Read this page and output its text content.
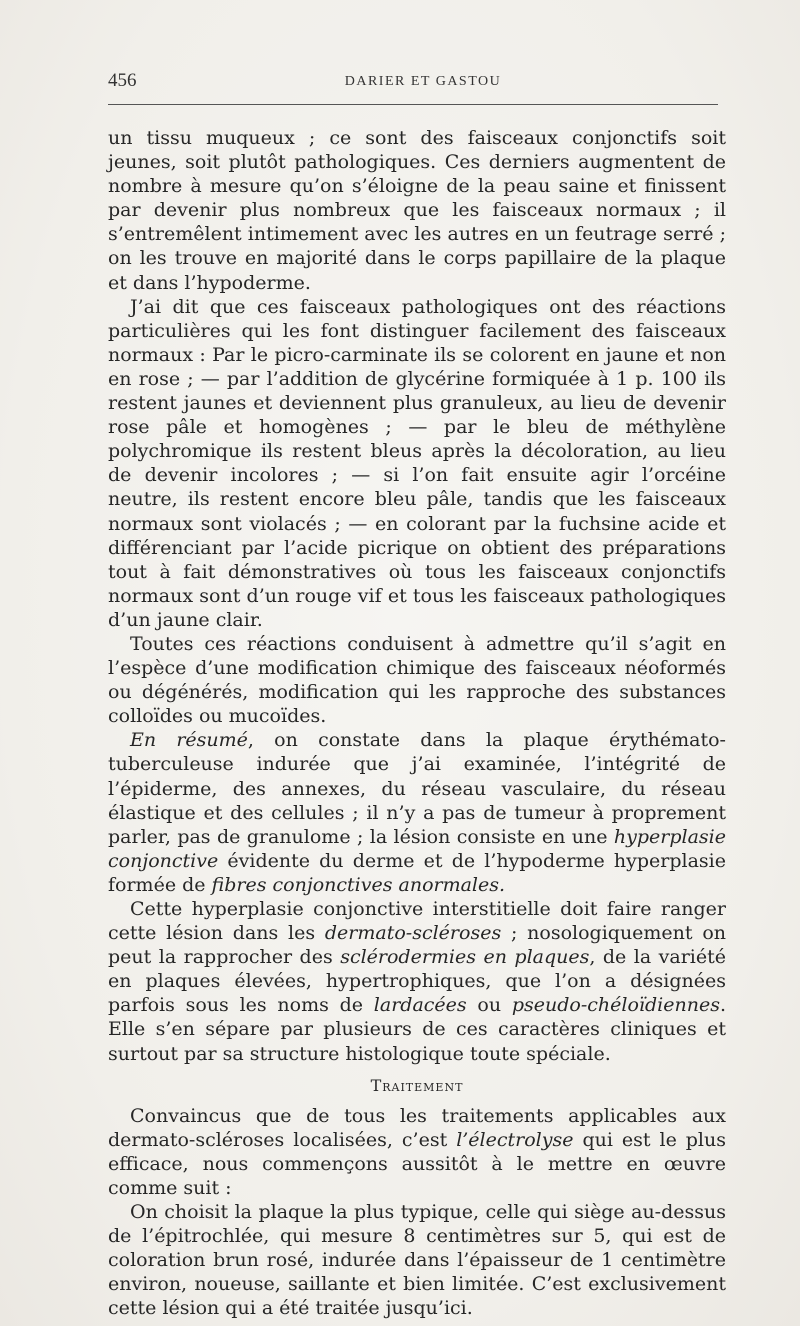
456	DARIER ET GASTOU

un tissu muqueux ; ce sont des faisceaux conjonctifs soit jeunes, soit plutôt pathologiques. Ces derniers augmentent de nombre à mesure qu’on s’éloigne de la peau saine et finissent par devenir plus nombreux que les faisceaux normaux ; il s’entremêlent intimement avec les autres en un feutrage serré ; on les trouve en majorité dans le corps papillaire de la plaque et dans l’hypoderme.

J’ai dit que ces faisceaux pathologiques ont des réactions particulières qui les font distinguer facilement des faisceaux normaux : Par le picro-carminate ils se colorent en jaune et non en rose ; — par l’addition de glycérine formiquée à 1 p. 100 ils restent jaunes et deviennent plus granuleux, au lieu de devenir rose pâle et homogènes ; — par le bleu de méthylène polychromique ils restent bleus après la décoloration, au lieu de devenir incolores ; — si l’on fait ensuite agir l’orcéine neutre, ils restent encore bleu pâle, tandis que les faisceaux normaux sont violacés ; — en colorant par la fuchsine acide et différenciant par l’acide picrique on obtient des préparations tout à fait démonstratives où tous les faisceaux conjonctifs normaux sont d’un rouge vif et tous les faisceaux pathologiques d’un jaune clair.

Toutes ces réactions conduisent à admettre qu’il s’agit en l’espèce d’une modification chimique des faisceaux néoformés ou dégénérés, modification qui les rapproche des substances colloïdes ou mucoïdes.

En résumé, on constate dans la plaque érythémato-tuberculeuse indurée que j’ai examinée, l’intégrité de l’épiderme, des annexes, du réseau vasculaire, du réseau élastique et des cellules ; il n’y a pas de tumeur à proprement parler, pas de granulome ; la lésion consiste en une hyperplasie conjonctive évidente du derme et de l’hypoderme hyperplasie formée de fibres conjonctives anormales.

Cette hyperplasie conjonctive interstitielle doit faire ranger cette lésion dans les dermato-scléroses ; nosologiquement on peut la rapprocher des sclérodermies en plaques, de la variété en plaques élevées, hypertrophiques, que l’on a désignées parfois sous les noms de lardacées ou pseudo-chéloïdiennes. Elle s’en sépare par plusieurs de ces caractères cliniques et surtout par sa structure histologique toute spéciale.

Traitement

Convaincus que de tous les traitements applicables aux dermato-scléroses localisées, c’est l’électrolyse qui est le plus efficace, nous commençons aussitôt à le mettre en œuvre comme suit :

On choisit la plaque la plus typique, celle qui siège au-dessus de l’épitrochlée, qui mesure 8 centimètres sur 5, qui est de coloration brun rosé, indurée dans l’épaisseur de 1 centimètre environ, noueuse, saillante et bien limitée. C’est exclusivement cette lésion qui a été traitée jusqu’ici.
